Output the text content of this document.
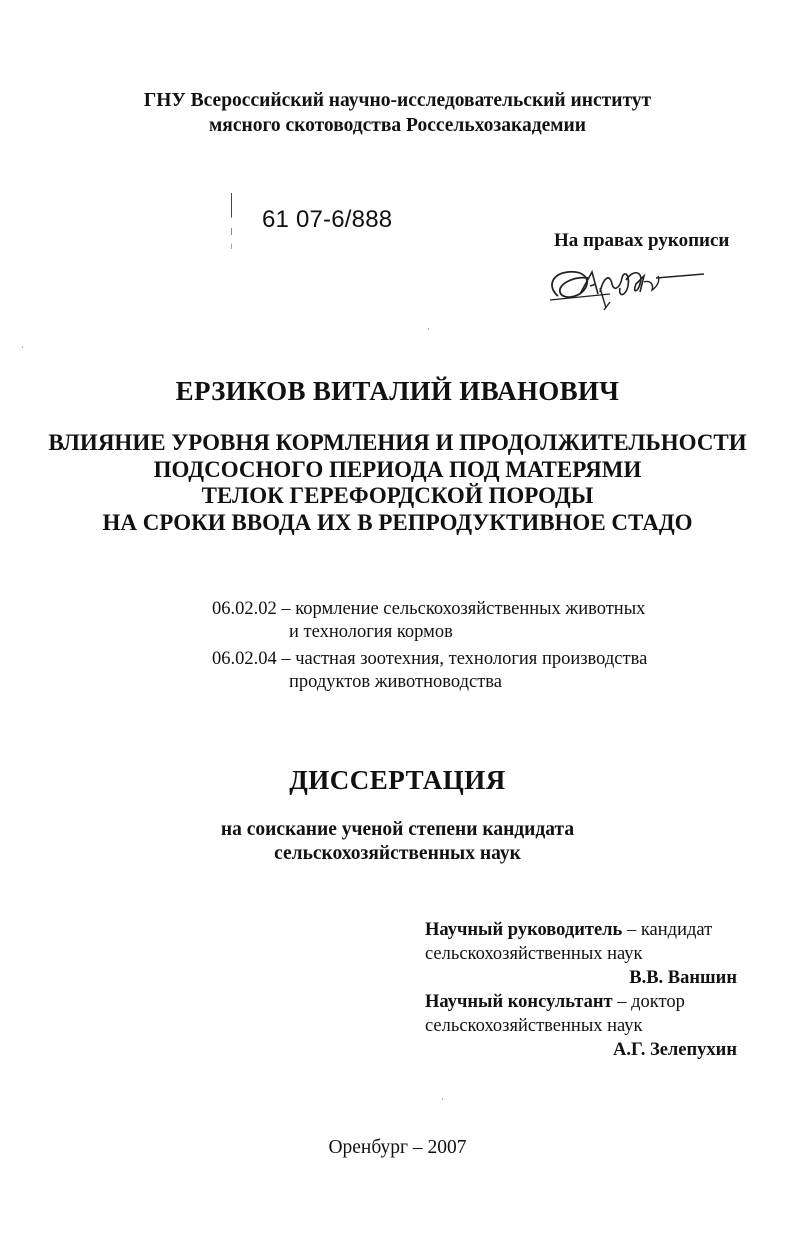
ГНУ Всероссийский научно-исследовательский институт
мясного скотоводства Россельхозакадемии
61 07-6/888
На правах рукописи
ЕРЗИКОВ ВИТАЛИЙ ИВАНОВИЧ
ВЛИЯНИЕ УРОВНЯ КОРМЛЕНИЯ И ПРОДОЛЖИТЕЛЬНОСТИ
ПОДСОСНОГО ПЕРИОДА ПОД МАТЕРЯМИ
ТЕЛОК ГЕРЕФОРДСКОЙ ПОРОДЫ
НА СРОКИ ВВОДА ИХ В РЕПРОДУКТИВНОЕ СТАДО
06.02.02 – кормление сельскохозяйственных животных
и технология кормов
06.02.04 – частная зоотехния, технология производства
продуктов животноводства
ДИССЕРТАЦИЯ
на соискание ученой степени кандидата
сельскохозяйственных наук
Научный руководитель – кандидат
сельскохозяйственных наук
В.В. Ваншин
Научный консультант – доктор
сельскохозяйственных наук
А.Г. Зелепухин
Оренбург – 2007
